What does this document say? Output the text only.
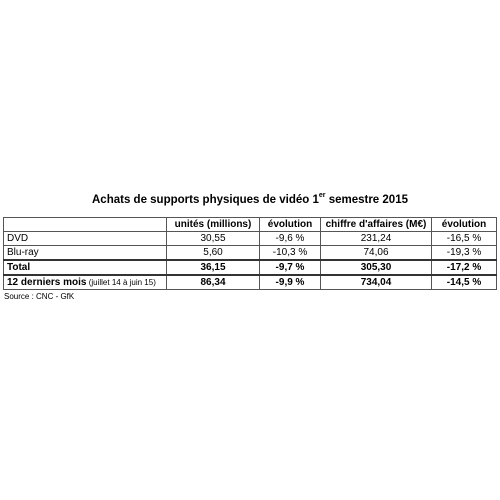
Achats de supports physiques de vidéo 1er semestre 2015
	unités (millions)	évolution	chiffre d'affaires (M€)	évolution
DVD	30,55	-9,6 %	231,24	-16,5 %
Blu-ray	5,60	-10,3 %	74,06	-19,3 %
Total	36,15	-9,7 %	305,30	-17,2 %
12 derniers mois (juillet 14 à juin 15)	86,34	-9,9 %	734,04	-14,5 %
Source : CNC - GfK
